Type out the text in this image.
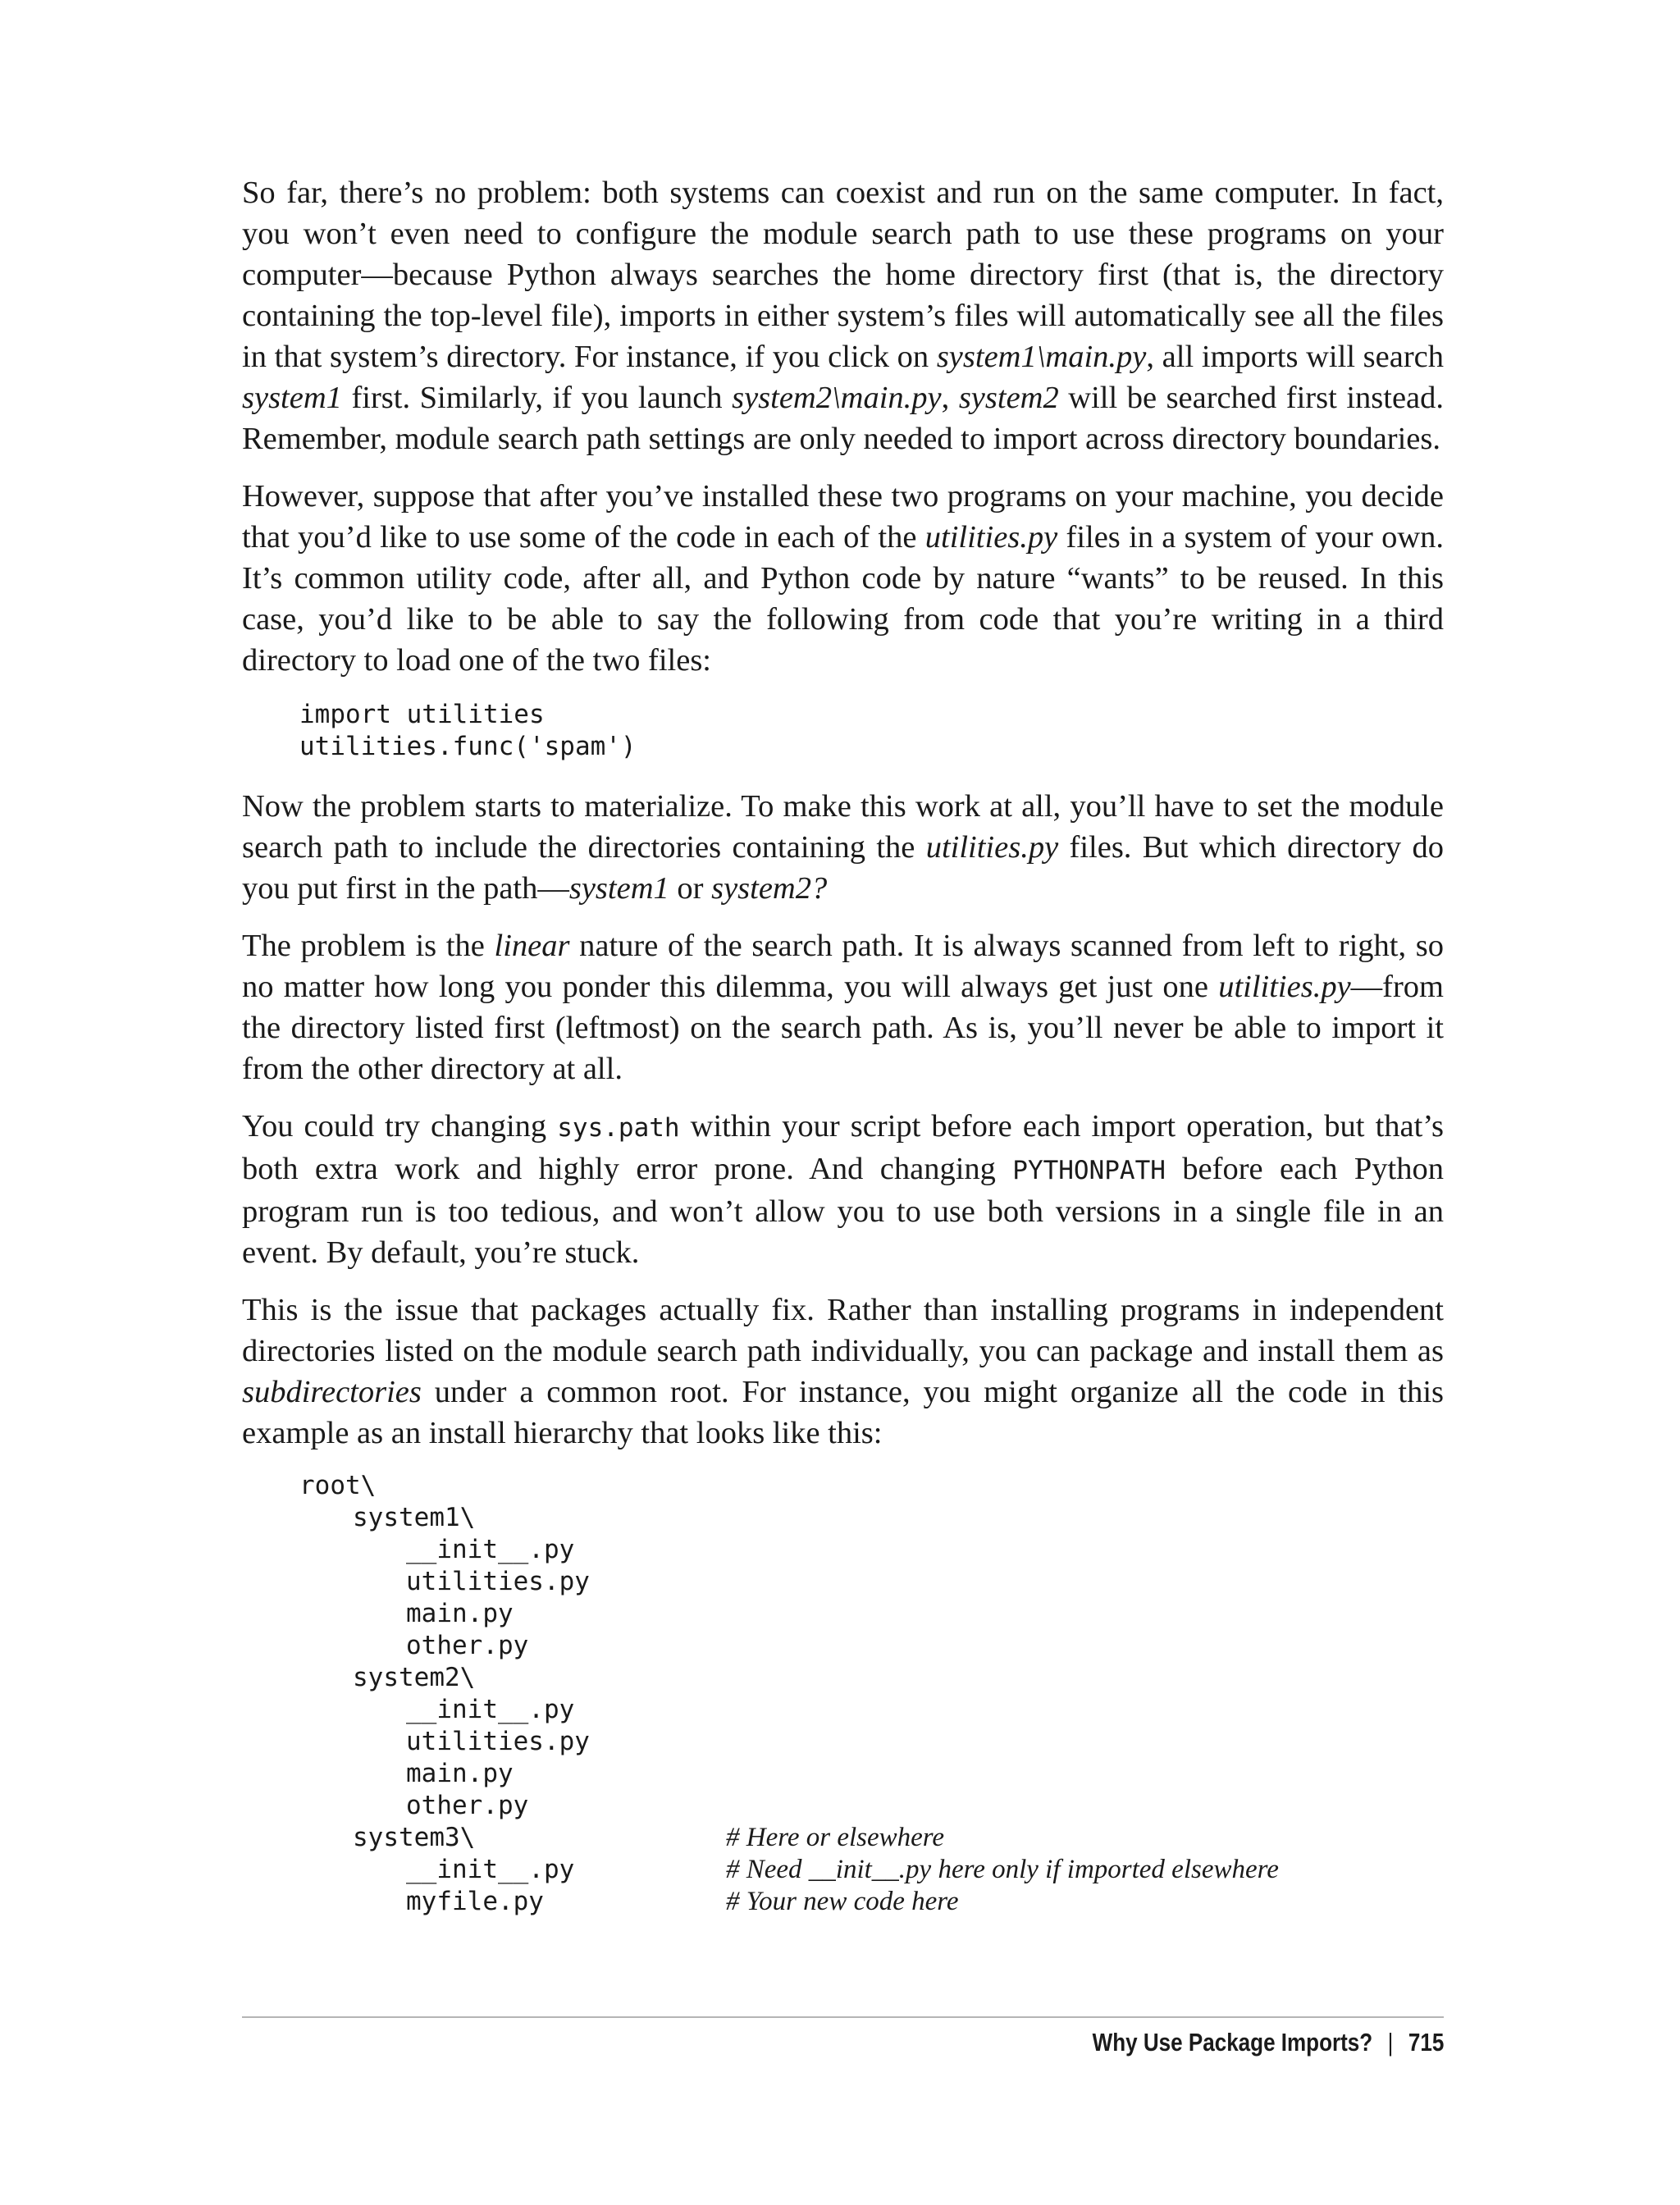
So far, there’s no problem: both systems can coexist and run on the same computer. In fact, you won’t even need to configure the module search path to use these programs on your computer—because Python always searches the home directory first (that is, the directory containing the top-level file), imports in either system’s files will automatically see all the files in that system’s directory. For instance, if you click on system1\main.py, all imports will search system1 first. Similarly, if you launch system2\main.py, system2 will be searched first instead. Remember, module search path settings are only needed to import across directory boundaries.

However, suppose that after you’ve installed these two programs on your machine, you decide that you’d like to use some of the code in each of the utilities.py files in a system of your own. It’s common utility code, after all, and Python code by nature “wants” to be reused. In this case, you’d like to be able to say the following from code that you’re writing in a third directory to load one of the two files:

import utilities
utilities.func('spam')

Now the problem starts to materialize. To make this work at all, you’ll have to set the module search path to include the directories containing the utilities.py files. But which directory do you put first in the path—system1 or system2?

The problem is the linear nature of the search path. It is always scanned from left to right, so no matter how long you ponder this dilemma, you will always get just one utilities.py—from the directory listed first (leftmost) on the search path. As is, you’ll never be able to import it from the other directory at all.

You could try changing sys.path within your script before each import operation, but that’s both extra work and highly error prone. And changing PYTHONPATH before each Python program run is too tedious, and won’t allow you to use both versions in a single file in an event. By default, you’re stuck.

This is the issue that packages actually fix. Rather than installing programs in independent directories listed on the module search path individually, you can package and install them as subdirectories under a common root. For instance, you might organize all the code in this example as an install hierarchy that looks like this:

root\
system1\
__init__.py
utilities.py
main.py
other.py
system2\
__init__.py
utilities.py
main.py
other.py
system3\	# Here or elsewhere
__init__.py	# Need __init__.py here only if imported elsewhere
myfile.py	# Your new code here
Why Use Package Imports? | 715
